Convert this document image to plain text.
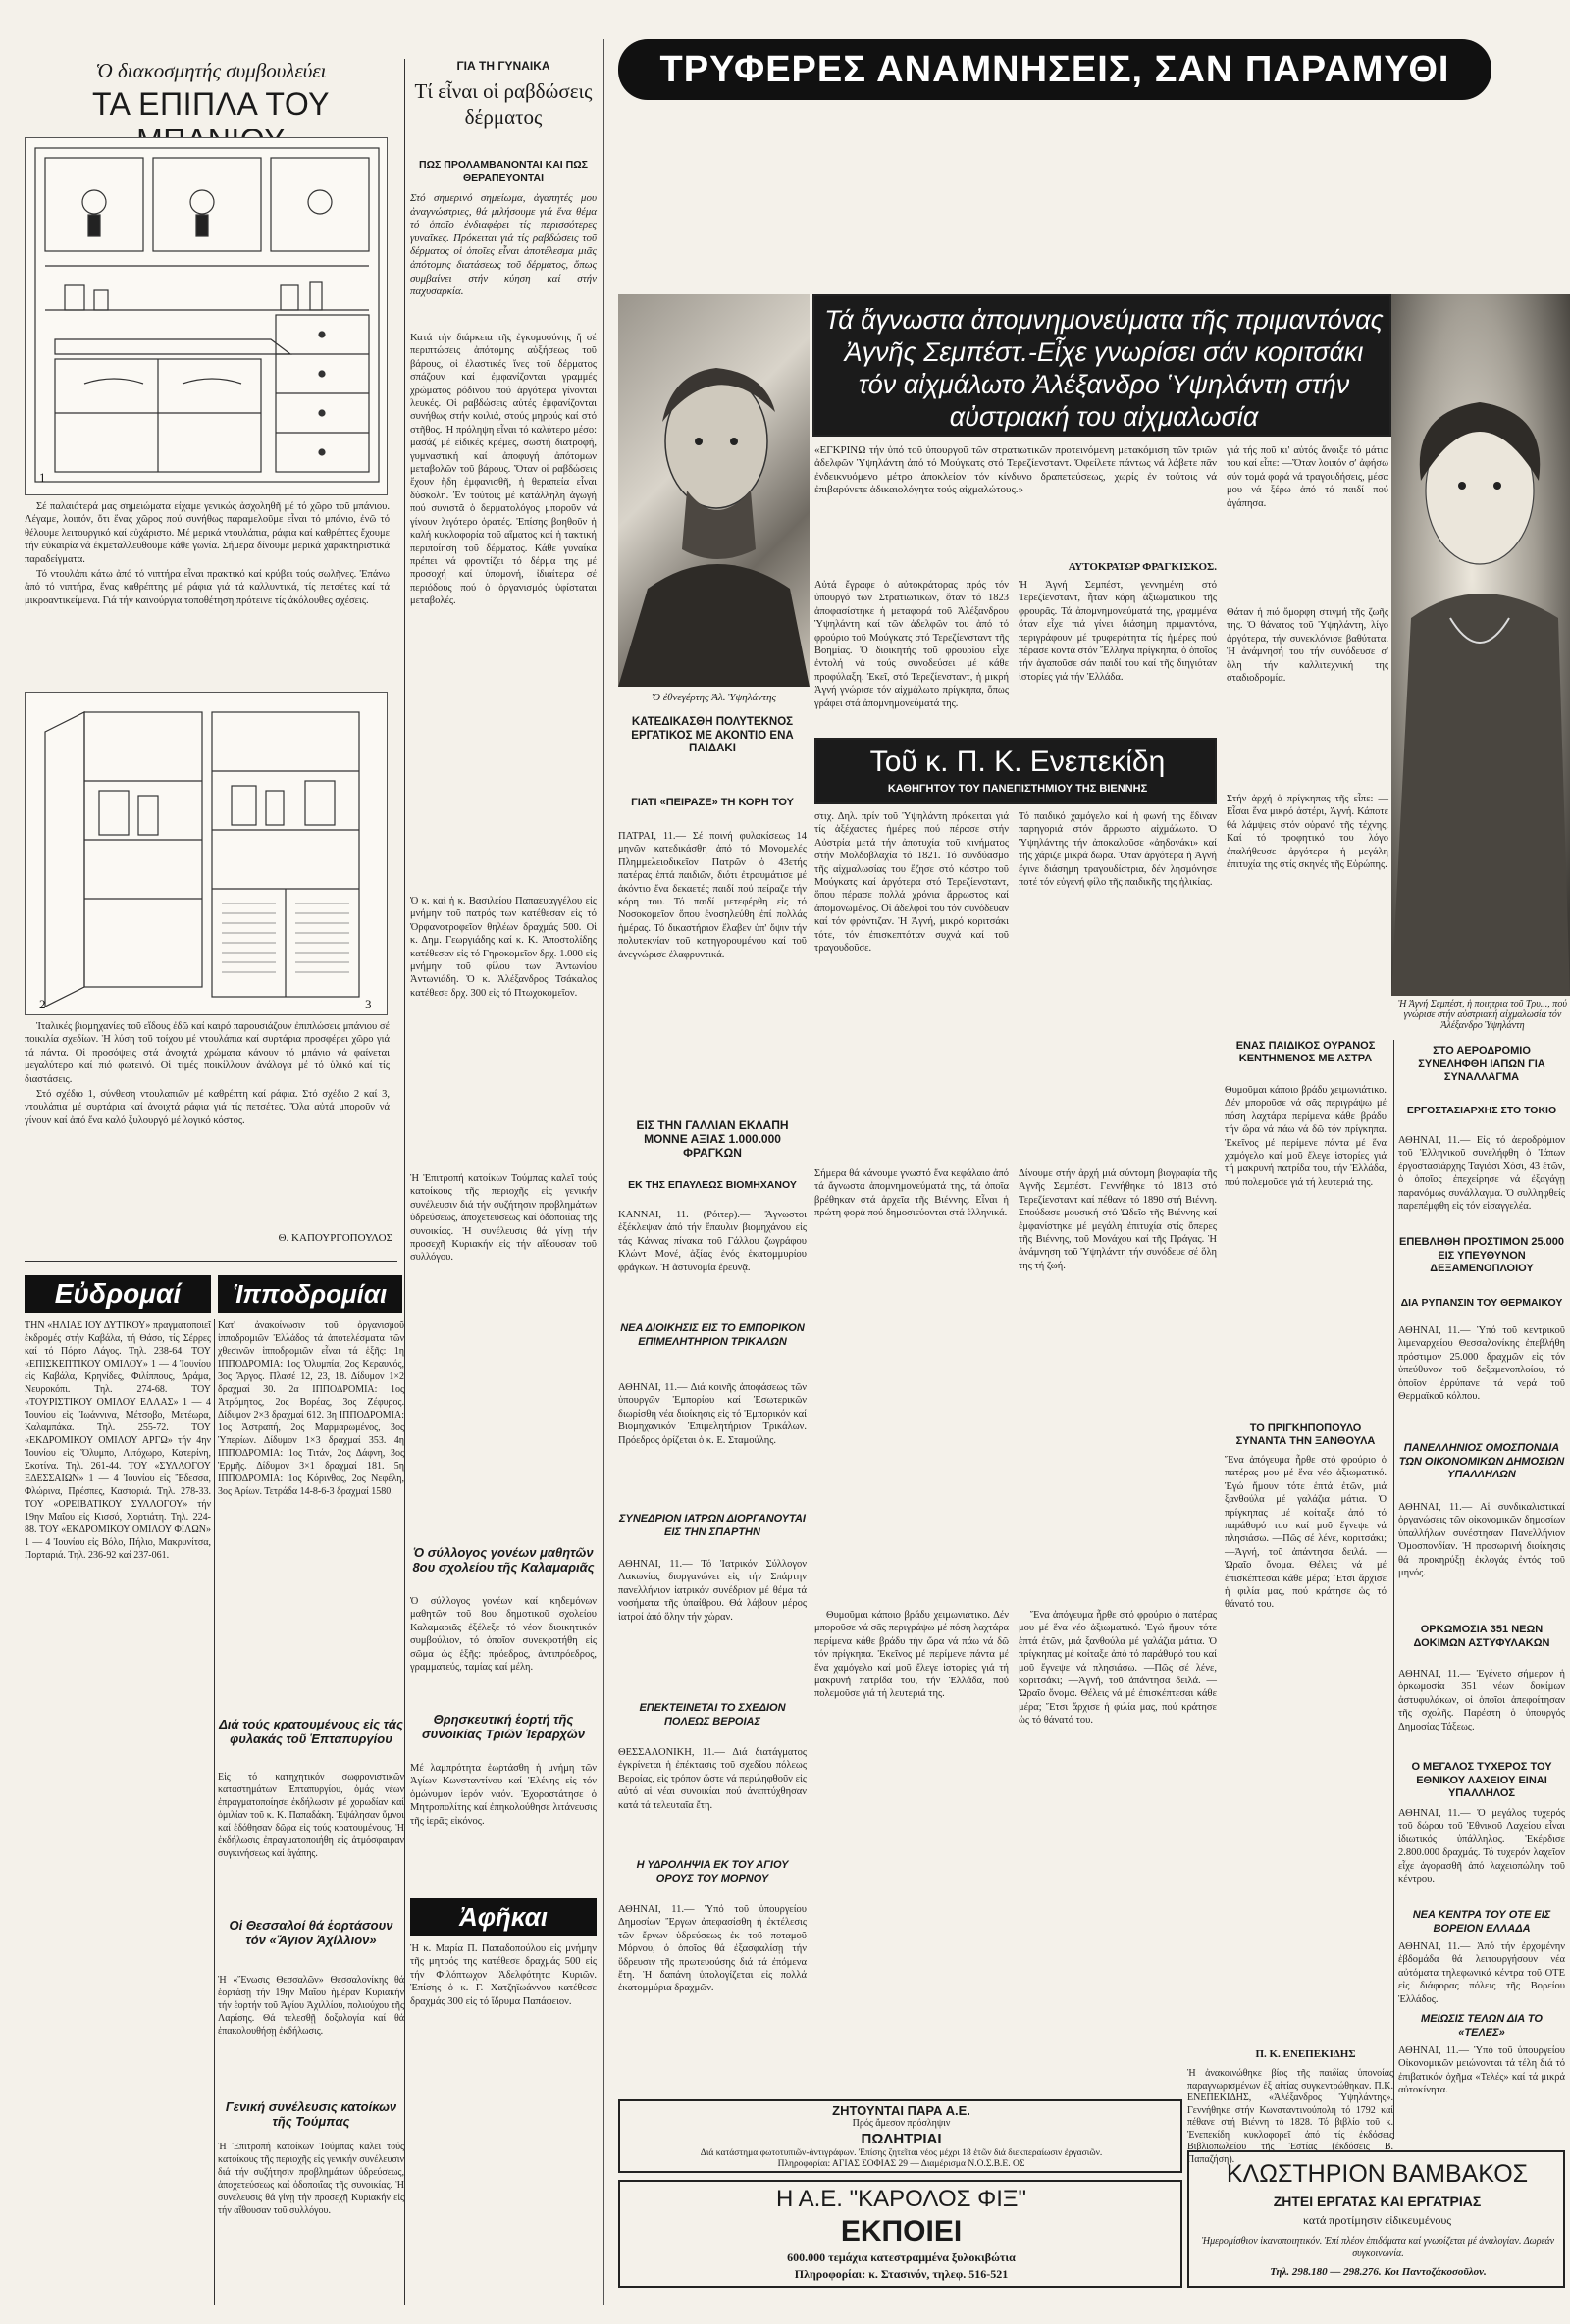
Ὁ διακοσμητής συμβουλεύει
ΤΑ ΕΠΙΠΛΑ ΤΟΥ
1

Σέ παλαιότερά μας σημειώματα είχαμε γενικώς ἀσχοληθῆ μέ τό χῶρο τοῦ μπάνιου. Λέγαμε, λοιπόν, ὅτι ἕνας χῶρος πού συνήθως παραμελοῦμε εἶναι τό μπάνιο, ἐνῶ τό θέλουμε λειτουργικό καί εὐχάριστο. Μέ μερικά ντουλάπια, ράφια καί καθρέπτες ἔχουμε τήν εὐκαιρία νά ἐκμεταλλευθοῦμε κάθε γωνία. Σήμερα δίνουμε μερικά χαρακτηριστικά παραδείγματα.

Τό ντουλάπι κάτω ἀπό τό νιπτήρα εἶναι πρακτικό καί κρύβει τούς σωλῆνες. Ἐπάνω ἀπό τό νιπτήρα, ἕνας καθρέπτης μέ ράφια γιά τά καλλυντικά, τίς πετσέτες καί τά μικροαντικείμενα. Γιά τήν καινούργια τοποθέτηση πρότεινε τίς ἀκόλουθες σχέσεις.

2	3

Ἰταλικές βιομηχανίες τοῦ εἴδους ἐδῶ καί καιρό παρουσιάζουν ἐπιπλώσεις μπάνιου σέ ποικιλία σχεδίων. Ἡ λύση τοῦ τοίχου μέ ντουλάπια καί συρτάρια προσφέρει χῶρο γιά τά πάντα. Οἱ προσόψεις στά ἀνοιχτά χρώματα κάνουν τό μπάνιο νά φαίνεται μεγαλύτερο καί πιό φωτεινό. Οἱ τιμές ποικίλλουν ἀνάλογα μέ τό ὑλικό καί τίς διαστάσεις.

Στό σχέδιο 1, σύνθεση ντουλαπιῶν μέ καθρέπτη καί ράφια. Στό σχέδιο 2 καί 3, ντουλάπια μέ συρτάρια καί ἀνοιχτά ράφια γιά τίς πετσέτες. Ὅλα αὐτά μποροῦν νά γίνουν καί ἀπό ἕνα καλό ξυλουργό μέ λογικό κόστος.

Θ. ΚΑΠΟΥΡΓΟΠΟΥΛΟΣ
Εὐδρομαί	Ἱπποδρομίαι
ΤΗΝ «ΗΛΙΑΣ ΙΟΥ ΔΥΤΙΚΟΥ» πραγματοποιεῖ ἐκδρομές στήν Καβάλα, τή Θάσο, τίς Σέρρες καί τό Πόρτο Λάγος. Τηλ. 238-64. ΤΟΥ «ΕΠΙΣΚΕΠΤΙΚΟΥ ΟΜΙΛΟΥ» 1 — 4 Ἰουνίου εἰς Καβάλα, Κρηνίδες, Φιλίππους, Δράμα, Νευροκόπι. Τηλ. 274-68. ΤΟΥ «ΤΟΥΡΙΣΤΙΚΟΥ ΟΜΙΛΟΥ ΕΛΛΑΣ» 1 — 4 Ἰουνίου εἰς Ἰωάννινα, Μέτσοβο, Μετέωρα, Καλαμπάκα. Τηλ. 255-72. ΤΟΥ «ΕΚΔΡΟΜΙΚΟΥ ΟΜΙΛΟΥ ΑΡΓΩ» τήν 4ην Ἰουνίου εἰς Ὄλυμπο, Λιτόχωρο, Κατερίνη, Σκοτίνα. Τηλ. 261-44. ΤΟΥ «ΣΥΛΛΟΓΟΥ ΕΔΕΣΣΑΙΩΝ» 1 — 4 Ἰουνίου εἰς Ἔδεσσα, Φλώρινα, Πρέσπες, Καστοριά. Τηλ. 278-33. ΤΟΥ «ΟΡΕΙΒΑΤΙΚΟΥ ΣΥΛΛΟΓΟΥ» τήν 19ην Μαΐου εἰς Κισσό, Χορτιάτη. Τηλ. 224-88. ΤΟΥ «ΕΚΔΡΟΜΙΚΟΥ ΟΜΙΛΟΥ ΦΙΛΩΝ» 1 — 4 Ἰουνίου εἰς Βόλο, Πήλιο, Μακρυνίτσα, Πορταριά. Τηλ. 236-92 καί 237-061.
Κατ' ἀνακοίνωσιν τοῦ ὀργανισμοῦ ἱπποδρομιῶν Ἑλλάδος τά ἀποτελέσματα τῶν χθεσινῶν ἱπποδρομιῶν εἶναι τά ἑξῆς: 1η ΙΠΠΟΔΡΟΜΙΑ: 1ος Ὀλυμπία, 2ος Κεραυνός, 3ος Ἄργος. Πλασέ 12, 23, 18. Δίδυμον 1×2 δραχμαί 30. 2α ΙΠΠΟΔΡΟΜΙΑ: 1ος Ἀτρόμητος, 2ος Βορέας, 3ος Ζέφυρος. Δίδυμον 2×3 δραχμαί 612. 3η ΙΠΠΟΔΡΟΜΙΑ: 1ος Ἀστραπή, 2ος Μαρμαρωμένος, 3ος Ὑπερίων. Δίδυμον 1×3 δραχμαί 353. 4η ΙΠΠΟΔΡΟΜΙΑ: 1ος Τιτάν, 2ος Δάφνη, 3ος Ἑρμῆς. Δίδυμον 3×1 δραχμαί 181. 5η ΙΠΠΟΔΡΟΜΙΑ: 1ος Κόρινθος, 2ος Νεφέλη, 3ος Ἀρίων. Τετράδα 14-8-6-3 δραχμαί 1580.
Διά τούς κρατουμένους εἰς τάς φυλακάς τοῦ Ἑπταπυργίου
Εἰς τό κατηχητικόν σωφρονιστικῶν καταστημάτων Ἑπταπυργίου, ὁμάς νέων ἐπραγματοποίησε ἐκδήλωσιν μέ χορωδίαν καί ὁμιλίαν τοῦ κ. Κ. Παπαδάκη. Ἐψάλησαν ὕμνοι καί ἐδόθησαν δῶρα εἰς τούς κρατουμένους. Ἡ ἐκδήλωσις ἐπραγματοποιήθη εἰς ἀτμόσφαιραν συγκινήσεως καί ἀγάπης.
Οἱ Θεσσαλοί θά ἑορτάσουν τόν «Ἅγιον Ἀχίλλιον»
Ἡ «Ἕνωσις Θεσσαλῶν» Θεσσαλονίκης θά ἑορτάσῃ τήν 19ην Μαΐου ἡμέραν Κυριακήν τήν ἑορτήν τοῦ Ἁγίου Ἀχιλλίου, πολιούχου τῆς Λαρίσης. Θά τελεσθῇ δοξολογία καί θά ἐπακολουθήσῃ ἐκδήλωσις.
Γενική συνέλευσις κατοίκων τῆς Τούμπας
Ἡ Ἐπιτροπή κατοίκων Τούμπας καλεῖ τούς κατοίκους τῆς περιοχῆς εἰς γενικήν συνέλευσιν διά τήν συζήτησιν προβλημάτων ὑδρεύσεως, ἀποχετεύσεως καί ὁδοποιΐας τῆς συνοικίας. Ἡ συνέλευσις θά γίνῃ τήν προσεχῆ Κυριακήν εἰς τήν αἴθουσαν τοῦ συλλόγου.
ΓΙΑ ΤΗ ΓΥΝΑΙΚΑ
Τί εἶναι οἱ ραβδώσεις δέρματος
ΠΩΣ ΠΡΟΛΑΜΒΑΝΟΝΤΑΙ ΚΑΙ ΠΩΣ ΘΕΡΑΠΕΥΟΝΤΑΙ
Στό σημερινό σημείωμα, ἀγαπητές μου ἀναγνώστριες, θά μιλήσουμε γιά ἕνα θέμα τό ὁποῖο ἐνδιαφέρει τίς περισσότερες γυναῖκες. Πρόκειται γιά τίς ραβδώσεις τοῦ δέρματος οἱ ὁποῖες εἶναι ἀποτέλεσμα μιᾶς ἀπότομης διατάσεως τοῦ δέρματος, ὅπως συμβαίνει στήν κύηση καί στήν παχυσαρκία.
Κατά τήν διάρκεια τῆς ἐγκυμοσύνης ἤ σέ περιπτώσεις ἀπότομης αὐξήσεως τοῦ βάρους, οἱ ἐλαστικές ἴνες τοῦ δέρματος σπάζουν καί ἐμφανίζονται γραμμές χρώματος ρόδινου πού ἀργότερα γίνονται λευκές. Οἱ ραβδώσεις αὐτές ἐμφανίζονται συνήθως στήν κοιλιά, στούς μηρούς καί στό στῆθος. Ἡ πρόληψη εἶναι τό καλύτερο μέσο: μασάζ μέ εἰδικές κρέμες, σωστή διατροφή, γυμναστική καί ἀποφυγή ἀπότομων μεταβολῶν τοῦ βάρους. Ὅταν οἱ ραβδώσεις ἔχουν ἤδη ἐμφανισθῆ, ἡ θεραπεία εἶναι δύσκολη. Ἐν τούτοις μέ κατάλληλη ἀγωγή πού συνιστᾶ ὁ δερματολόγος μποροῦν νά γίνουν λιγότερο ὁρατές. Ἐπίσης βοηθοῦν ἡ καλή κυκλοφορία τοῦ αἵματος καί ἡ τακτική περιποίηση τοῦ δέρματος. Κάθε γυναίκα πρέπει νά φροντίζει τό δέρμα της μέ προσοχή καί ὑπομονή, ἰδιαίτερα σέ περιόδους πού ὁ ὀργανισμός ὑφίσταται μεταβολές.
Ὁ κ. καί ἡ κ. Βασιλείου Παπαευαγγέλου εἰς μνήμην τοῦ πατρός των κατέθεσαν εἰς τό Ὀρφανοτροφεῖον θηλέων δραχμάς 500. Οἱ κ. Δημ. Γεωργιάδης καί κ. Κ. Ἀποστολίδης κατέθεσαν εἰς τό Γηροκομεῖον δρχ. 1.000 εἰς μνήμην τοῦ φίλου των Ἀντωνίου Ἀντωνιάδη. Ὁ κ. Ἀλέξανδρος Τσάκαλος κατέθεσε δρχ. 300 εἰς τό Πτωχοκομεῖον.
Ὁ σύλλογος γονέων μαθητῶν 8ου σχολείου τῆς Καλαμαριᾶς
Ὁ σύλλογος γονέων καί κηδεμόνων μαθητῶν τοῦ 8ου δημοτικοῦ σχολείου Καλαμαριᾶς ἐξέλεξε τό νέον διοικητικόν συμβούλιον, τό ὁποῖον συνεκροτήθη εἰς σῶμα ὡς ἑξῆς: πρόεδρος, ἀντιπρόεδρος, γραμματεύς, ταμίας καί μέλη.
Θρησκευτική ἑορτή τῆς συνοικίας Τριῶν Ἱεραρχῶν
Μέ λαμπρότητα ἑωρτάσθη ἡ μνήμη τῶν Ἁγίων Κωνσταντίνου καί Ἑλένης εἰς τόν ὁμώνυμον ἱερόν ναόν. Ἐχοροστάτησε ὁ Μητροπολίτης καί ἐπηκολούθησε λιτάνευσις τῆς ἱερᾶς εἰκόνος.
Ἀφῆκαι
Ἡ κ. Μαρία Π. Παπαδοπούλου εἰς μνήμην τῆς μητρός της κατέθεσε δραχμάς 500 εἰς τήν Φιλόπτωχον Ἀδελφότητα Κυριῶν. Ἐπίσης ὁ κ. Γ. Χατζηϊωάννου κατέθεσε δραχμάς 300 εἰς τό ἵδρυμα Παπάφειον.
Ἡ Ἐπιτροπή κατοίκων Τούμπας καλεῖ τούς κατοίκους τῆς περιοχῆς εἰς γενικήν συνέλευσιν διά τήν συζήτησιν προβλημάτων ὑδρεύσεως, ἀποχετεύσεως καί ὁδοποιΐας τῆς συνοικίας. Ἡ συνέλευσις θά γίνῃ τήν προσεχῆ Κυριακήν εἰς τήν αἴθουσαν τοῦ συλλόγου.
ΤΡΥΦΕΡΕΣ ΑΝΑΜΝΗΣΕΙΣ, ΣΑΝ ΠΑΡΑΜΥΘΙ
Τά ἄγνωστα ἀπομνημονεύματα τῆς πριμαντόνας Ἀγνῆς Σεμπέστ.-Εἶχε γνωρίσει σάν κοριτσάκι τόν αἰχμάλωτο Ἀλέξανδρο Ὑψηλάντη στήν αὐστριακή του αἰχμαλωσία
«ΕΓΚΡΙΝΩ τήν ὑπό τοῦ ὑπουργοῦ τῶν στρατιωτικῶν προτεινόμενη μετακόμιση τῶν τριῶν ἀδελφῶν Ὑψηλάντη ἀπό τό Μούγκατς στό Τερεζίενσταντ. Ὀφείλετε πάντως νά λάβετε πᾶν ἐνδεικνυόμενο μέτρο ἀποκλείον τόν κίνδυνο δραπετεύσεως, χωρίς ἐν τούτοις νά ἐπιβαρύνετε ἀδικαιολόγητα τούς αἰχμαλώτους.»
ΑΥΤΟΚΡΑΤΩΡ ΦΡΑΓΚΙΣΚΟΣ.
Αὐτά ἔγραφε ὁ αὐτοκράτορας πρός τόν ὑπουργό τῶν Στρατιωτικῶν, ὅταν τό 1823 ἀποφασίστηκε ἡ μεταφορά τοῦ Ἀλέξανδρου Ὑψηλάντη καί τῶν ἀδελφῶν του ἀπό τό φρούριο τοῦ Μούγκατς στό Τερεζίενσταντ τῆς Βοημίας. Ὁ διοικητής τοῦ φρουρίου εἶχε ἐντολή νά τούς συνοδεύσει μέ κάθε προφύλαξη. Ἐκεῖ, στό Τερεζίενσταντ, ἡ μικρή Ἀγνή γνώρισε τόν αἰχμάλωτο πρίγκηπα, ὅπως γράφει στά ἀπομνημονεύματά της.
Ἡ Ἀγνή Σεμπέστ, γεννημένη στό Τερεζίενσταντ, ἦταν κόρη ἀξιωματικοῦ τῆς φρουρᾶς. Τά ἀπομνημονεύματά της, γραμμένα ὅταν εἶχε πιά γίνει διάσημη πριμαντόνα, περιγράφουν μέ τρυφερότητα τίς ἡμέρες πού πέρασε κοντά στόν Ἕλληνα πρίγκηπα, ὁ ὁποῖος τήν ἀγαποῦσε σάν παιδί του καί τῆς διηγιόταν ἱστορίες γιά τήν Ἑλλάδα.
Ὁ ἐθνεγέρτης Ἀλ. Ὑψηλάντης
γιά τής ποῦ κι' αὐτός ἄνοιξε τό μάτια του καί εἶπε: —Ὅταν λοιπόν σ' ἀφήσω σύν τομά φορά νά τραγουδήσεις, μέσα μου νά ξέρω ἀπό τό παιδί πού ἀγάπησα.
Θάταν ἡ πιό ὄμορφη στιγμή τῆς ζωῆς της. Ὁ θάνατος τοῦ Ὑψηλάντη, λίγο ἀργότερα, τήν συνεκλόνισε βαθύτατα. Ἡ ἀνάμνησή του τήν συνόδευσε σ' ὅλη τήν καλλιτεχνική της σταδιοδρομία.
Στήν ἀρχή ὁ πρίγκηπας τῆς εἶπε: —Εἶσαι ἕνα μικρό ἀστέρι, Ἀγνή. Κάποτε θά λάμψεις στόν οὐρανό τῆς τέχνης. Καί τό προφητικό του λόγο ἐπαλήθευσε ἀργότερα ἡ μεγάλη ἐπιτυχία της στίς σκηνές τῆς Εὐρώπης.
Ἡ Ἀγνή Σεμπέστ, ἡ ποιητρια τοῦ Τρυ..., πού γνώρισε στήν αὐστριακή αἰχμαλωσία τόν Ἀλέξανδρο Ὑψηλάντη
Τοῦ κ. Π. Κ. Ενεπεκίδη
ΚΑΘΗΓΗΤΟΥ ΤΟΥ ΠΑΝΕΠΙΣΤΗΜΙΟΥ ΤΗΣ ΒΙΕΝΝΗΣ
στιχ. Δηλ. πρίν τοῦ Ὑψηλάντη πρόκειται γιά τίς ἀξέχαστες ἡμέρες πού πέρασε στήν Αὐστρία μετά τήν ἀποτυχία τοῦ κινήματος στήν Μολδοβλαχία τό 1821. Τό συνδύασμο τῆς αἰχμαλωσίας του ἔζησε στό κάστρο τοῦ Μούγκατς καί ἀργότερα στό Τερεζίενσταντ, ὅπου πέρασε πολλά χρόνια ἄρρωστος καί ἀπομονωμένος. Οἱ ἀδελφοί του τόν συνόδευαν καί τόν φρόντιζαν. Ἡ Ἀγνή, μικρό κοριτσάκι τότε, τόν ἐπισκεπτόταν συχνά καί τοῦ τραγουδοῦσε.
Τό παιδικό χαμόγελο καί ἡ φωνή της ἔδιναν παρηγοριά στόν ἄρρωστο αἰχμάλωτο. Ὁ Ὑψηλάντης τήν ἀποκαλοῦσε «ἀηδονάκι» καί τῆς χάριζε μικρά δῶρα. Ὅταν ἀργότερα ἡ Ἀγνή ἔγινε διάσημη τραγουδίστρια, δέν λησμόνησε ποτέ τόν εὐγενή φίλο τῆς παιδικῆς της ἡλικίας.
Σήμερα θά κάνουμε γνωστό ἕνα κεφάλαιο ἀπό τά ἄγνωστα ἀπομνημονεύματά της, τά ὁποῖα βρέθηκαν στά ἀρχεῖα τῆς Βιέννης. Εἶναι ἡ πρώτη φορά πού δημοσιεύονται στά ἑλληνικά.
Δίνουμε στήν ἀρχή μιά σύντομη βιογραφία τῆς Ἀγνῆς Σεμπέστ. Γεννήθηκε τό 1813 στό Τερεζίενσταντ καί πέθανε τό 1890 στή Βιέννη. Σπούδασε μουσική στό Ὠδεῖο τῆς Βιέννης καί ἐμφανίστηκε μέ μεγάλη ἐπιτυχία στίς ὄπερες τῆς Βιέννης, τοῦ Μονάχου καί τῆς Πράγας. Ἡ ἀνάμνηση τοῦ Ὑψηλάντη τήν συνόδευε σέ ὅλη της τή ζωή.

Θυμοῦμαι κάποιο βράδυ χειμωνιάτικο. Δέν μποροῦσε νά σᾶς περιγράψω μέ πόση λαχτάρα περίμενα κάθε βράδυ τήν ὥρα νά πάω νά δῶ τόν πρίγκηπα. Ἐκεῖνος μέ περίμενε πάντα μέ ἕνα χαμόγελο καί μοῦ ἔλεγε ἱστορίες γιά τή μακρυνή πατρίδα του, τήν Ἑλλάδα, πού πολεμοῦσε γιά τή λευτεριά της.

Ἕνα ἀπόγευμα ἦρθε στό φρούριο ὁ πατέρας μου μέ ἕνα νέο ἀξιωματικό. Ἐγώ ἤμουν τότε ἑπτά ἐτῶν, μιά ξανθούλα μέ γαλάζια μάτια. Ὁ πρίγκηπας μέ κοίταξε ἀπό τό παράθυρό του καί μοῦ ἔγνεψε νά πλησιάσω. —Πῶς σέ λένε, κοριτσάκι; —Ἀγνή, τοῦ ἀπάντησα δειλά. —Ὡραῖο ὄνομα. Θέλεις νά μέ ἐπισκέπτεσαι κάθε μέρα; Ἔτσι ἄρχισε ἡ φιλία μας, πού κράτησε ὡς τό θάνατό του.

ΕΝΑΣ ΠΑΙΔΙΚΟΣ ΟΥΡΑΝΟΣ ΚΕΝΤΗΜΕΝΟΣ ΜΕ ΑΣΤΡΑ
Θυμοῦμαι κάποιο βράδυ χειμωνιάτικο. Δέν μποροῦσε νά σᾶς περιγράψω μέ πόση λαχτάρα περίμενα κάθε βράδυ τήν ὥρα νά πάω νά δῶ τόν πρίγκηπα. Ἐκεῖνος μέ περίμενε πάντα μέ ἕνα χαμόγελο καί μοῦ ἔλεγε ἱστορίες γιά τή μακρυνή πατρίδα του, τήν Ἑλλάδα, πού πολεμοῦσε γιά τή λευτεριά της.
ΤΟ ΠΡΙΓΚΗΠΟΠΟΥΛΟ ΣΥΝΑΝΤΑ ΤΗΝ ΞΑΝΘΟΥΛΑ
Ἕνα ἀπόγευμα ἦρθε στό φρούριο ὁ πατέρας μου μέ ἕνα νέο ἀξιωματικό. Ἐγώ ἤμουν τότε ἑπτά ἐτῶν, μιά ξανθούλα μέ γαλάζια μάτια. Ὁ πρίγκηπας μέ κοίταξε ἀπό τό παράθυρό του καί μοῦ ἔγνεψε νά πλησιάσω. —Πῶς σέ λένε, κοριτσάκι; —Ἀγνή, τοῦ ἀπάντησα δειλά. —Ὡραῖο ὄνομα. Θέλεις νά μέ ἐπισκέπτεσαι κάθε μέρα; Ἔτσι ἄρχισε ἡ φιλία μας, πού κράτησε ὡς τό θάνατό του.
Π. Κ. ΕΝΕΠΕΚΙΔΗΣ
Ἡ ἀνακοινώθηκε βίος τῆς παιδίας ὑπονοίας παραγνωρισμένων ἐξ αἰτίας συγκεντρώθηκαν. Π.Κ. ΕΝΕΠΕΚΙΔΗΣ, «Ἀλέξανδρος Ὑψηλάντης». Γεννήθηκε στήν Κωνσταντινούπολη τό 1792 καί πέθανε στή Βιέννη τό 1828. Τό βιβλίο τοῦ κ. Ἐνεπεκίδη κυκλοφορεῖ ἀπό τίς ἐκδόσεις Βιβλιοπωλείου τῆς Ἑστίας (ἐκδόσεις Β. Παπαζήση).
ΚΑΤΕΔΙΚΑΣΘΗ ΠΟΛΥΤΕΚΝΟΣ ΕΡΓΑΤΙΚΟΣ ΜΕ ΑΚΟΝΤΙΟ ΕΝΑ ΠΑΙΔΑΚΙ
ΓΙΑΤΙ «ΠΕΙΡΑΖΕ» ΤΗ ΚΟΡΗ ΤΟΥ
ΠΑΤΡΑΙ, 11.— Σέ ποινή φυλακίσεως 14 μηνῶν κατεδικάσθη ἀπό τό Μονομελές Πλημμελειοδικεῖον Πατρῶν ὁ 43ετής πατέρας ἑπτά παιδιῶν, διότι ἐτραυμάτισε μέ ἀκόντιο ἕνα δεκαετές παιδί πού πείραζε τήν κόρη του. Τό παιδί μετεφέρθη εἰς τό Νοσοκομεῖον ὅπου ἐνοσηλεύθη ἐπί πολλάς ἡμέρας. Τό δικαστήριον ἔλαβεν ὑπ' ὄψιν τήν πολυτεκνίαν τοῦ κατηγορουμένου καί τοῦ ἀνεγνώρισε ἐλαφρυντικά.
ΕΙΣ ΤΗΝ ΓΑΛΛΙΑΝ ΕΚΛΑΠΗ ΜΟΝΝΕ ΑΞΙΑΣ 1.000.000 ΦΡΑΓΚΩΝ
ΕΚ ΤΗΣ ΕΠΑΥΛΕΩΣ ΒΙΟΜΗΧΑΝΟΥ
ΚΑΝΝΑΙ, 11. (Ρόιτερ).— Ἄγνωστοι ἐξέκλεψαν ἀπό τήν ἔπαυλιν βιομηχάνου εἰς τάς Κάννας πίνακα τοῦ Γάλλου ζωγράφου Κλώντ Μονέ, ἀξίας ἑνός ἑκατομμυρίου φράγκων. Ἡ ἀστυνομία ἐρευνᾷ.
ΝΕΑ ΔΙΟΙΚΗΣΙΣ ΕΙΣ ΤΟ ΕΜΠΟΡΙΚΟΝ ΕΠΙΜΕΛΗΤΗΡΙΟΝ ΤΡΙΚΑΛΩΝ
ΑΘΗΝΑΙ, 11.— Διά κοινῆς ἀποφάσεως τῶν ὑπουργῶν Ἐμπορίου καί Ἐσωτερικῶν διωρίσθη νέα διοίκησις εἰς τό Ἐμπορικόν καί Βιομηχανικόν Ἐπιμελητήριον Τρικάλων. Πρόεδρος ὁρίζεται ὁ κ. Ε. Σταμούλης.
ΣΥΝΕΔΡΙΟΝ ΙΑΤΡΩΝ ΔΙΟΡΓΑΝΟΥΤΑΙ ΕΙΣ ΤΗΝ ΣΠΑΡΤΗΝ
ΑΘΗΝΑΙ, 11.— Τό Ἰατρικόν Σύλλογον Λακωνίας διοργανώνει εἰς τήν Σπάρτην πανελλήνιον ἰατρικόν συνέδριον μέ θέμα τά νοσήματα τῆς ὑπαίθρου. Θά λάβουν μέρος ἰατροί ἀπό ὅλην τήν χώραν.
ΕΠΕΚΤΕΙΝΕΤΑΙ ΤΟ ΣΧΕΔΙΟΝ ΠΟΛΕΩΣ ΒΕΡΟΙΑΣ
ΘΕΣΣΑΛΟΝΙΚΗ, 11.— Διά διατάγματος ἐγκρίνεται ἡ ἐπέκτασις τοῦ σχεδίου πόλεως Βεροίας, εἰς τρόπον ὥστε νά περιληφθοῦν εἰς αὐτό αἱ νέαι συνοικίαι πού ἀνεπτύχθησαν κατά τά τελευταῖα ἔτη.
Η ΥΔΡΟΛΗΨΙΑ ΕΚ ΤΟΥ ΑΓΙΟΥ ΟΡΟΥΣ ΤΟΥ ΜΟΡΝΟΥ
ΑΘΗΝΑΙ, 11.— Ὑπό τοῦ ὑπουργείου Δημοσίων Ἔργων ἀπεφασίσθη ἡ ἐκτέλεσις τῶν ἔργων ὑδρεύσεως ἐκ τοῦ ποταμοῦ Μόρνου, ὁ ὁποῖος θά ἐξασφαλίσῃ τήν ὕδρευσιν τῆς πρωτευούσης διά τά ἐπόμενα ἔτη. Ἡ δαπάνη ὑπολογίζεται εἰς πολλά ἑκατομμύρια δραχμῶν.
ΣΤΟ ΑΕΡΟΔΡΟΜΙΟ ΣΥΝΕΛΗΦΘΗ ΙΑΠΩΝ ΓΙΑ ΣΥΝΑΛΛΑΓΜΑ
ΕΡΓΟΣΤΑΣΙΑΡΧΗΣ ΣΤΟ ΤΟΚΙΟ
ΑΘΗΝΑΙ, 11.— Εἰς τό ἀεροδρόμιον τοῦ Ἑλληνικοῦ συνελήφθη ὁ Ἰάπων ἐργοστασιάρχης Ταγιόσι Χόσι, 43 ἐτῶν, ὁ ὁποῖος ἐπεχείρησε νά ἐξαγάγῃ παρανόμως συνάλλαγμα. Ὁ συλληφθείς παρεπέμφθη εἰς τόν εἰσαγγελέα.
ΕΠΕΒΛΗΘΗ ΠΡΟΣΤΙΜΟΝ 25.000 ΕΙΣ ΥΠΕΥΘΥΝΟΝ ΔΕΞΑΜΕΝΟΠΛΟΙΟΥ
ΔΙΑ ΡΥΠΑΝΣΙΝ ΤΟΥ ΘΕΡΜΑΙΚΟΥ
ΑΘΗΝΑΙ, 11.— Ὑπό τοῦ κεντρικοῦ λιμεναρχείου Θεσσαλονίκης ἐπεβλήθη πρόστιμον 25.000 δραχμῶν εἰς τόν ὑπεύθυνον τοῦ δεξαμενοπλοίου, τό ὁποῖον ἐρρύπανε τά νερά τοῦ Θερμαϊκοῦ κόλπου.
ΠΑΝΕΛΛΗΝΙΟΣ ΟΜΟΣΠΟΝΔΙΑ ΤΩΝ ΟΙΚΟΝΟΜΙΚΩΝ ΔΗΜΟΣΙΩΝ ΥΠΑΛΛΗΛΩΝ
ΑΘΗΝΑΙ, 11.— Αἱ συνδικαλιστικαί ὀργανώσεις τῶν οἰκονομικῶν δημοσίων ὑπαλλήλων συνέστησαν Πανελλήνιον Ὁμοσπονδίαν. Ἡ προσωρινή διοίκησις θά προκηρύξῃ ἐκλογάς ἐντός τοῦ μηνός.
ΟΡΚΩΜΟΣΙΑ 351 ΝΕΩΝ ΔΟΚΙΜΩΝ ΑΣΤΥΦΥΛΑΚΩΝ
ΑΘΗΝΑΙ, 11.— Ἐγένετο σήμερον ἡ ὁρκωμοσία 351 νέων δοκίμων ἀστυφυλάκων, οἱ ὁποῖοι ἀπεφοίτησαν τῆς σχολῆς. Παρέστη ὁ ὑπουργός Δημοσίας Τάξεως.
Ο ΜΕΓΑΛΟΣ ΤΥΧΕΡΟΣ ΤΟΥ ΕΘΝΙΚΟΥ ΛΑΧΕΙΟΥ ΕΙΝΑΙ ΥΠΑΛΛΗΛΟΣ
ΑΘΗΝΑΙ, 11.— Ὁ μεγάλος τυχερός τοῦ δώρου τοῦ Ἐθνικοῦ Λαχείου εἶναι ἰδιωτικός ὑπάλληλος. Ἐκέρδισε 2.800.000 δραχμάς. Τό τυχερόν λαχεῖον εἶχε ἀγορασθῆ ἀπό λαχειοπώλην τοῦ κέντρου.
ΝΕΑ ΚΕΝΤΡΑ ΤΟΥ ΟΤΕ ΕΙΣ ΒΟΡΕΙΟΝ ΕΛΛΑΔΑ
ΑΘΗΝΑΙ, 11.— Ἀπό τήν ἐρχομένην ἑβδομάδα θά λειτουργήσουν νέα αὐτόματα τηλεφωνικά κέντρα τοῦ ΟΤΕ εἰς διάφορας πόλεις τῆς Βορείου Ἑλλάδος.
ΜΕΙΩΣΙΣ ΤΕΛΩΝ ΔΙΑ ΤΟ «ΤΕΛΕΣ»
ΑΘΗΝΑΙ, 11.— Ὑπό τοῦ ὑπουργείου Οἰκονομικῶν μειώνονται τά τέλη διά τό ἐπιβατικόν ὀχῆμα «Τελές» καί τά μικρά αὐτοκίνητα.
ΖΗΤΟΥΝΤΑΙ ΠΑΡΑ Α.Ε.
Πρός ἄμεσον πρόσληψιν
ΠΩΛΗΤΡΙΑΙ
Διά κατάστημα φωτοτυπιῶν-ἀντιγράφων. Ἐπίσης ζητεῖται νέος μέχρι 18 ἐτῶν διά διεκπεραίωσιν ἐργασιῶν.
Πληροφορίαι: ΑΓΙΑΣ ΣΟΦΙΑΣ 29 — Διαμέρισμα Ν.Ο.Σ.Β.Ε. ΟΣ
Η Α.Ε. "ΚΑΡΟΛΟΣ ΦΙΞ"
ΕΚΠΟΙΕΙ
600.000 τεμάχια κατεστραμμένα ξυλοκιβώτια
Πληροφορίαι: κ. Στασινόν, τηλεφ. 516-521
ΚΛΩΣΤΗΡΙΟΝ ΒΑΜΒΑΚΟΣ
ΖΗΤΕΙ ΕΡΓΑΤΑΣ ΚΑΙ ΕΡΓΑΤΡΙΑΣ
κατά προτίμησιν εἰδικευμένους
Ἡμερομίσθιον ἱκανοποιητικόν. Ἐπί πλέον ἐπιδόματα καί γνωρίζεται μέ ἀναλογίαν. Δωρεάν συγκοινωνία.
Τηλ. 298.180 — 298.276. Κοι Παντοζάκοσοῦλον.
